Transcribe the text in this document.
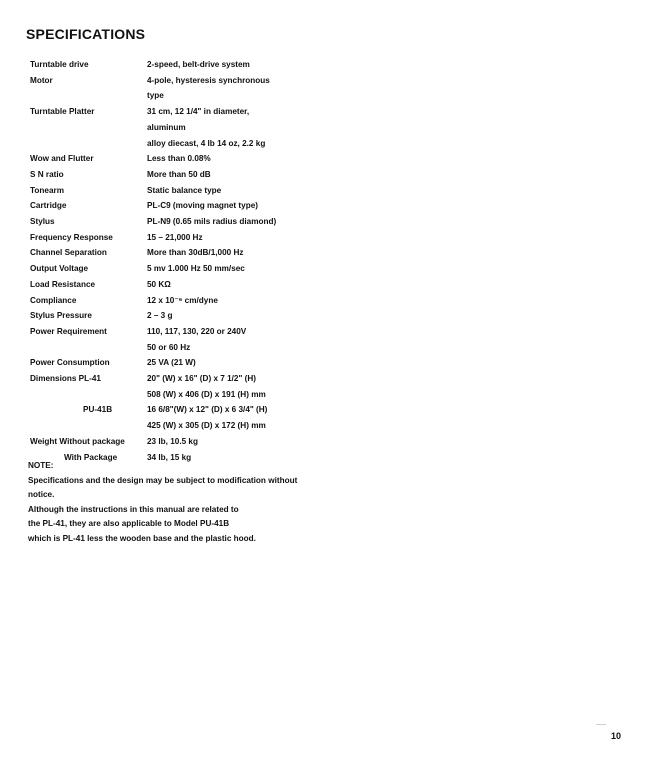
SPECIFICATIONS
Turntable drive	2-speed, belt-drive system
Motor	4-pole, hysteresis synchronous
type
Turntable Platter	31 cm, 12 1/4" in diameter,
aluminum
alloy diecast, 4 lb 14 oz, 2.2 kg
Wow and Flutter	Less than 0.08%
S N ratio	More than 50 dB
Tonearm	Static balance type
Cartridge	PL-C9 (moving magnet type)
Stylus	PL-N9 (0.65 mils radius diamond)
Frequency Response	15 – 21,000 Hz
Channel Separation	More than 30dB/1,000 Hz
Output Voltage	5 mv 1.000 Hz 50 mm/sec
Load Resistance	50 KΩ
Compliance	12 x 10⁻⁶ cm/dyne
Stylus Pressure	2 – 3 g
Power Requirement	110, 117, 130, 220 or 240V
50 or 60 Hz
Power Consumption	25 VA (21 W)
Dimensions PL-41	20" (W) x 16" (D) x 7 1/2" (H)
508 (W) x 406 (D) x 191 (H) mm
PU-41B	16 6/8"(W) x 12" (D) x 6 3/4" (H)
425 (W) x 305 (D) x 172 (H) mm
Weight Without package	23 lb, 10.5 kg
With Package	34 lb, 15 kg
NOTE:
Specifications and the design may be subject to modification without
notice.
Although the instructions in this manual are related to
the PL-41, they are also applicable to Model PU-41B
which is PL-41 less the wooden base and the plastic hood.
10
